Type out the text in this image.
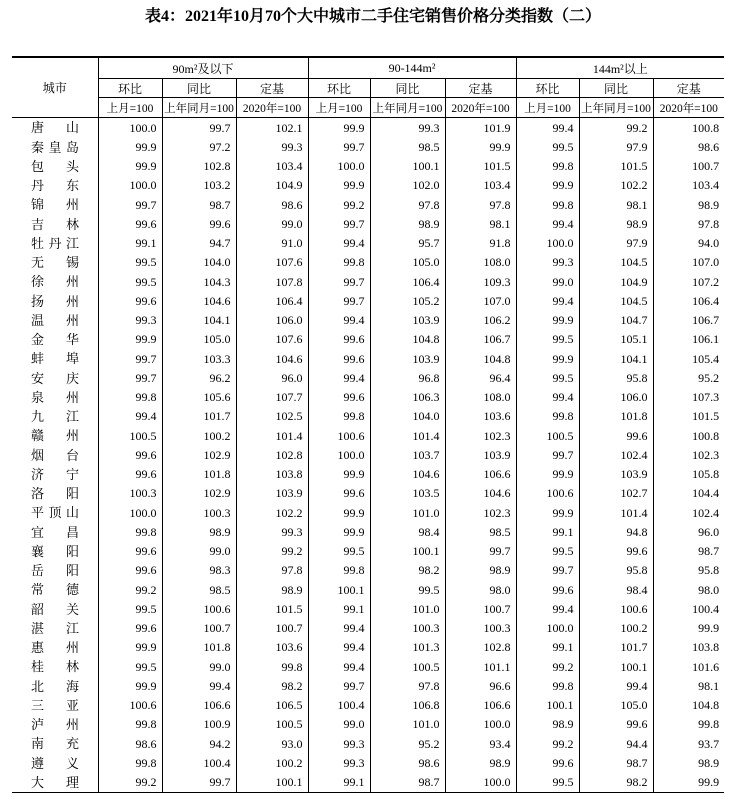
表4：2021年10月70个大中城市二手住宅销售价格分类指数（二）
城市	90m²及以下			90-144m²			144m²以上		
	环比	同比	定基	环比	同比	定基	环比	同比	定基
	上月=100	上年同月=100	2020年=100	上月=100	上年同月=100	2020年=100	上月=100	上年同月=100	2020年=100
唐山	100.0	99.7	102.1	99.9	99.3	101.9	99.4	99.2	100.8
秦皇岛	99.9	97.2	99.3	99.7	98.5	99.9	99.5	97.9	98.6
包头	99.9	102.8	103.4	100.0	100.1	101.5	99.8	101.5	100.7
丹东	100.0	103.2	104.9	99.9	102.0	103.4	99.9	102.2	103.4
锦州	99.7	98.7	98.6	99.2	97.8	97.8	99.8	98.1	98.9
吉林	99.6	99.6	99.0	99.7	98.9	98.1	99.4	98.9	97.8
牡丹江	99.1	94.7	91.0	99.4	95.7	91.8	100.0	97.9	94.0
无锡	99.5	104.0	107.6	99.8	105.0	108.0	99.3	104.5	107.0
徐州	99.5	104.3	107.8	99.7	106.4	109.3	99.0	104.9	107.2
扬州	99.6	104.6	106.4	99.7	105.2	107.0	99.4	104.5	106.4
温州	99.3	104.1	106.0	99.4	103.9	106.2	99.9	104.7	106.7
金华	99.9	105.0	107.6	99.6	104.8	106.7	99.5	105.1	106.1
蚌埠	99.7	103.3	104.6	99.6	103.9	104.8	99.9	104.1	105.4
安庆	99.7	96.2	96.0	99.4	96.8	96.4	99.5	95.8	95.2
泉州	99.8	105.6	107.7	99.6	106.3	108.0	99.4	106.0	107.3
九江	99.4	101.7	102.5	99.8	104.0	103.6	99.8	101.8	101.5
赣州	100.5	100.2	101.4	100.6	101.4	102.3	100.5	99.6	100.8
烟台	99.6	102.9	102.8	100.0	103.7	103.9	99.7	102.4	102.3
济宁	99.6	101.8	103.8	99.9	104.6	106.6	99.9	103.9	105.8
洛阳	100.3	102.9	103.9	99.6	103.5	104.6	100.6	102.7	104.4
平顶山	100.0	100.3	102.2	99.9	101.0	102.3	99.9	101.4	102.4
宜昌	99.8	98.9	99.3	99.9	98.4	98.5	99.1	94.8	96.0
襄阳	99.6	99.0	99.2	99.5	100.1	99.7	99.5	99.6	98.7
岳阳	99.6	98.3	97.8	99.8	98.2	98.9	99.7	95.8	95.8
常德	99.2	98.5	98.9	100.1	99.5	98.0	99.6	98.4	98.0
韶关	99.5	100.6	101.5	99.1	101.0	100.7	99.4	100.6	100.4
湛江	99.6	100.7	100.7	99.4	100.3	100.3	100.0	100.2	99.9
惠州	99.9	101.8	103.6	99.4	101.3	102.8	99.1	101.7	103.8
桂林	99.5	99.0	99.8	99.4	100.5	101.1	99.2	100.1	101.6
北海	99.9	99.4	98.2	99.7	97.8	96.6	99.8	99.4	98.1
三亚	100.6	106.6	106.5	100.4	106.8	106.6	100.1	105.0	104.8
泸州	99.8	100.9	100.5	99.0	101.0	100.0	98.9	99.6	99.8
南充	98.6	94.2	93.0	99.3	95.2	93.4	99.2	94.4	93.7
遵义	99.8	100.4	100.2	99.3	98.6	98.9	99.6	98.7	98.9
大理	99.2	99.7	100.1	99.1	98.7	100.0	99.5	98.2	99.9
